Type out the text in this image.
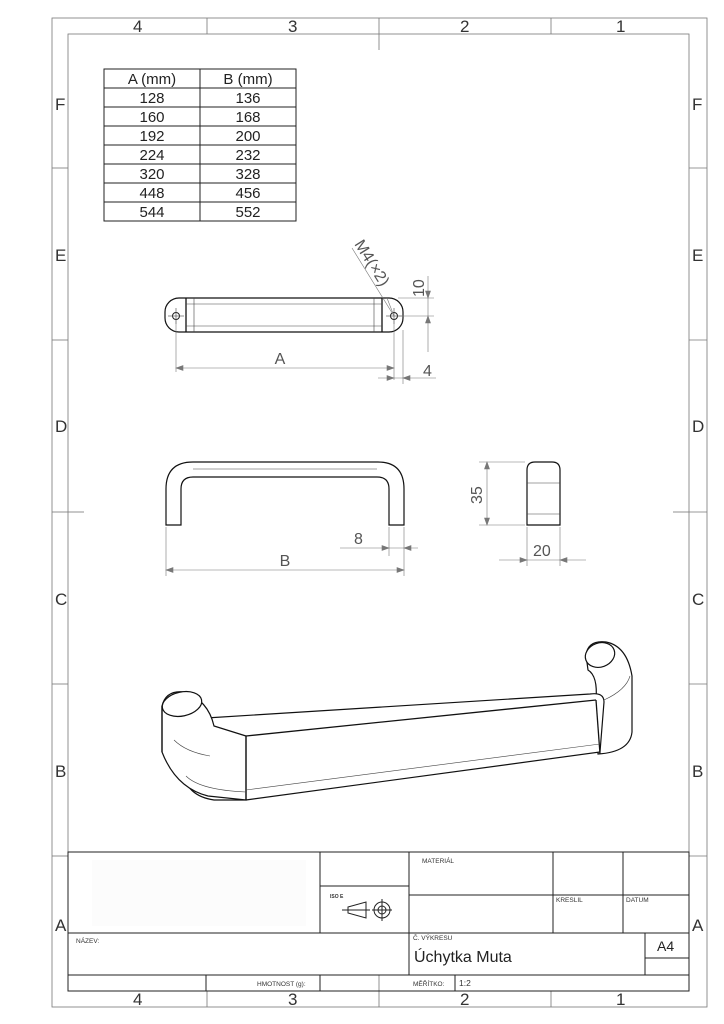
4	3	2	1
4	3	2	1
F
E
D
C
B
A
F
E
D
C
B
A
A (mm)	B (mm)
128	136
160	168
192	200
224	232
320	328
448	456
544	552
M4(×2)
A
4
10
B
8
35
20
MATERIÁL
KRESLIL	DATUM
ISO E
NÁZEV:	Č. VÝKRESU
Úchytka Muta
A4
HMOTNOST (g):	MĚŘÍTKO: 1:2
